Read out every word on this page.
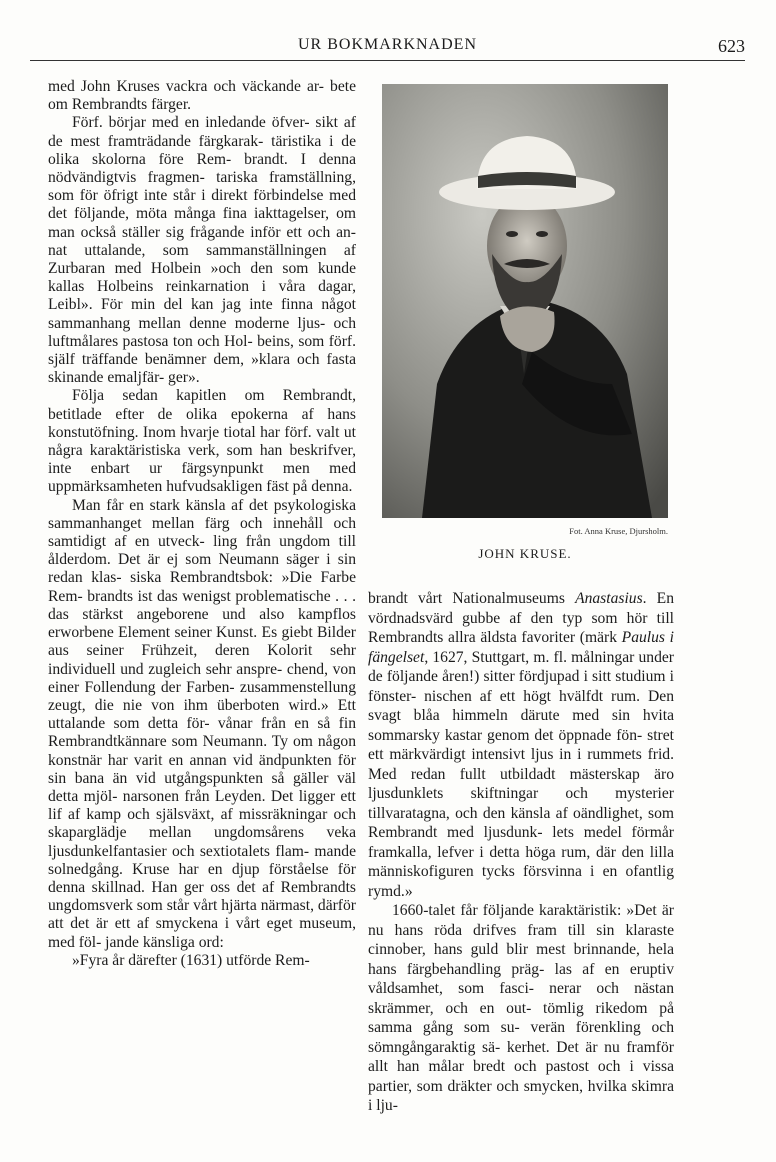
UR BOKMARKNADEN	623

med John Kruses vackra och väckande ar- bete om Rembrandts färger.

Förf. börjar med en inledande öfver- sikt af de mest framträdande färgkarak- täristika i de olika skolorna före Rem- brandt. I denna nödvändigtvis fragmen- tariska framställning, som för öfrigt inte står i direkt förbindelse med det följande, möta många fina iakttagelser, om man också ställer sig frågande inför ett och an- nat uttalande, som sammanställningen af Zurbaran med Holbein »och den som kunde kallas Holbeins reinkarnation i våra dagar, Leibl». För min del kan jag inte finna något sammanhang mellan denne moderne ljus- och luftmålares pastosa ton och Hol- beins, som förf. själf träffande benämner dem, »klara och fasta skinande emaljfär- ger».

Följa sedan kapitlen om Rembrandt, betitlade efter de olika epokerna af hans konstutöfning. Inom hvarje tiotal har förf. valt ut några karaktäristiska verk, som han beskrifver, inte enbart ur färgsynpunkt men med uppmärksamheten hufvudsakligen fäst på denna.

Man får en stark känsla af det psykologiska sammanhanget mellan färg och innehåll och samtidigt af en utveck- ling från ungdom till ålderdom. Det är ej som Neumann säger i sin redan klas- siska Rembrandtsbok: »Die Farbe Rem- brandts ist das wenigst problematische . . . das stärkst angeborene und also kampflos erworbene Element seiner Kunst. Es giebt Bilder aus seiner Frühzeit, deren Kolorit sehr individuell und zugleich sehr anspre- chend, von einer Follendung der Farben- zusammenstellung zeugt, die nie von ihm überboten wird.» Ett uttalande som detta för- vånar från en så fin Rembrandtkännare som Neumann. Ty om någon konstnär har varit en annan vid ändpunkten för sin bana än vid utgångspunkten så gäller väl detta mjöl- narsonen från Leyden. Det ligger ett lif af kamp och själsväxt, af missräkningar och skaparglädje mellan ungdomsårens veka ljusdunkelfantasier och sextiotalets flam- mande solnedgång. Kruse har en djup förståelse för denna skillnad. Han ger oss det af Rembrandts ungdomsverk som står vårt hjärta närmast, därför att det är ett af smyckena i vårt eget museum, med föl- jande känsliga ord:

»Fyra år därefter (1631) utförde Rem-

Fot. Anna Kruse, Djursholm.
JOHN KRUSE.

brandt vårt Nationalmuseums Anastasius. En vördnadsvärd gubbe af den typ som hör till Rembrandts allra äldsta favoriter (märk Paulus i fängelset, 1627, Stuttgart, m. fl. målningar under de följande åren!) sitter fördjupad i sitt studium i fönster- nischen af ett högt hvälfdt rum. Den svagt blåa himmeln därute med sin hvita sommarsky kastar genom det öppnade fön- stret ett märkvärdigt intensivt ljus in i rummets frid. Med redan fullt utbildadt mästerskap äro ljusdunklets skiftningar och mysterier tillvaratagna, och den känsla af oändlighet, som Rembrandt med ljusdunk- lets medel förmår framkalla, lefver i detta höga rum, där den lilla människofiguren tycks försvinna i en ofantlig rymd.»

1660-talet får följande karaktäristik: »Det är nu hans röda drifves fram till sin klaraste cinnober, hans guld blir mest brinnande, hela hans färgbehandling präg- las af en eruptiv våldsamhet, som fasci- nerar och nästan skrämmer, och en out- tömlig rikedom på samma gång som su- verän förenkling och sömngångaraktig sä- kerhet. Det är nu framför allt han målar bredt och pastost och i vissa partier, som dräkter och smycken, hvilka skimra i lju-
